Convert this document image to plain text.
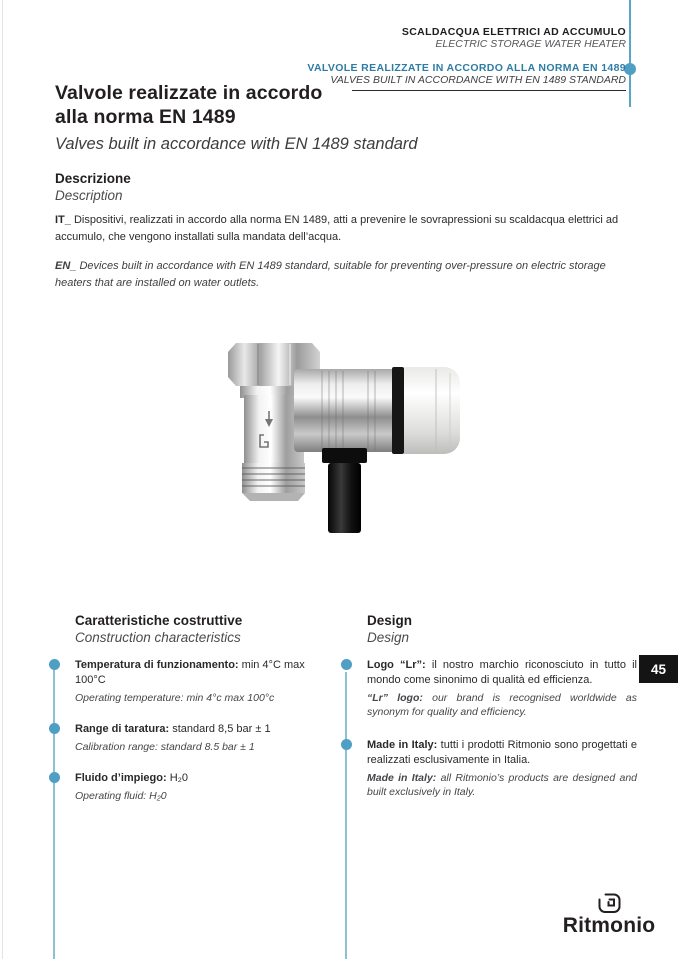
SCALDACQUA ELETTRICI AD ACCUMULO
ELECTRIC STORAGE WATER HEATER
VALVOLE REALIZZATE IN ACCORDO ALLA NORMA EN 1489
VALVES BUILT IN ACCORDANCE WITH EN 1489 STANDARD
Valvole realizzate in accordo
alla norma EN 1489
Valves built in accordance with EN 1489 standard
Descrizione
Description
IT_ Dispositivi, realizzati in accordo alla norma EN 1489, atti a prevenire le sovrapressioni su scaldacqua elettrici ad accumulo, che vengono installati sulla mandata dell’acqua.
EN_ Devices built in accordance with EN 1489 standard, suitable for preventing over-pressure on electric storage heaters that are installed on water outlets.
Caratteristiche costruttive
Construction characteristics
Temperatura di funzionamento: min 4°C max 100°C
Operating temperature: min 4°c max 100°c
Range di taratura: standard 8,5 bar ± 1
Calibration range: standard 8.5 bar ± 1
Fluido d’impiego: H₂0
Operating fluid: H₂0
Design
Design
Logo “Lr”: il nostro marchio riconosciuto in tutto il mondo come sinonimo di qualità ed efficienza.
“Lr” logo: our brand is recognised worldwide as synonym for quality and efficiency.
Made in Italy: tutti i prodotti Ritmonio sono progettati e realizzati esclusivamente in Italia.
Made in Italy: all Ritmonio’s products are designed and built exclusively in Italy.
45
Ritmonio
